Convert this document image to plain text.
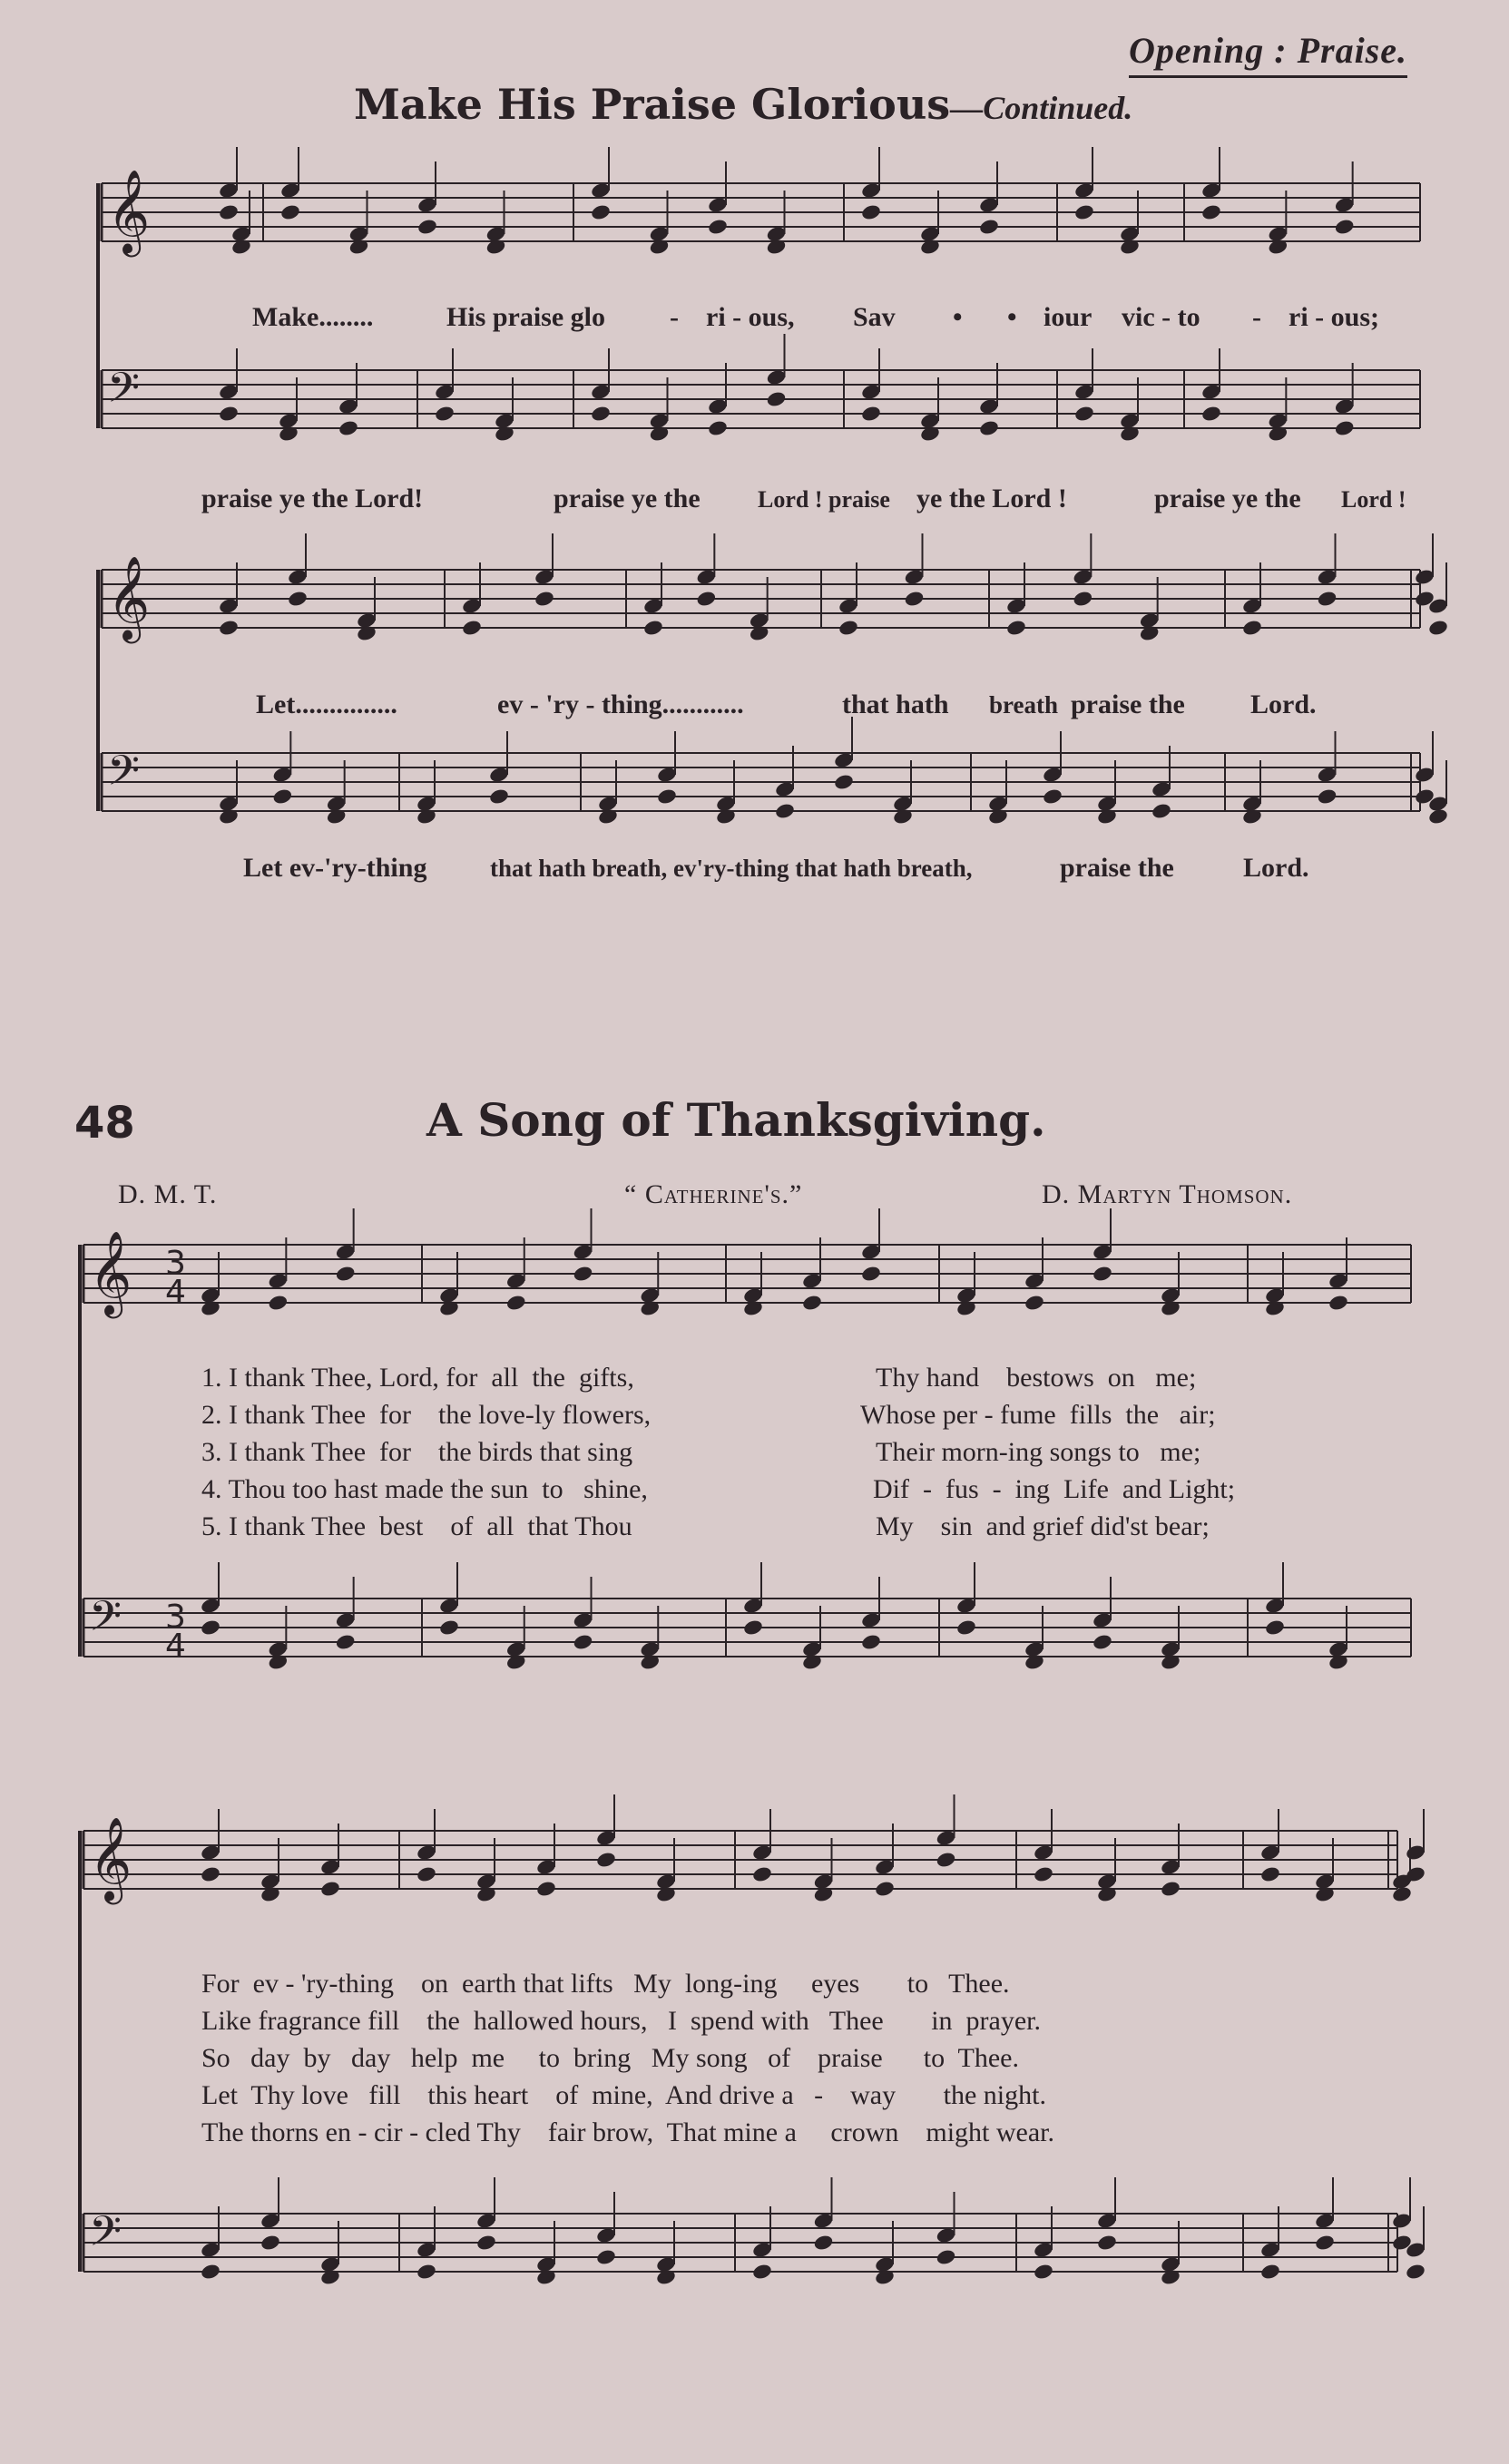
Opening : Praise.
Make His Praise Glorious—Continued.
𝄞
𝄢
𝄞
𝄢
𝄞 3
4
𝄢 3
4
𝄞
𝄢
Make........	His praise glo - ri - ous, Sav • • iour vic - to - ri - ous;
praise ye the Lord!	praise ye the Lord ! praise ye the Lord !	praise ye the Lord !
Let...............	ev - 'ry - thing............	that hath breath praise the Lord.
Let ev-'ry-thing	that hath breath, ev'ry-thing that hath breath,	praise the	Lord.
48	A Song of Thanksgiving.
D. M. T.	“ Catherine's.”	D. Martyn Thomson.
1. I thank Thee, Lord, for  all  the  gifts,	Thy hand    bestows  on   me;
2. I thank Thee  for    the love-ly flowers,	Whose per - fume  fills  the   air;
3. I thank Thee  for    the birds that sing	Their morn-ing songs to   me;
4. Thou too hast made the sun  to   shine,	Dif  -  fus  -  ing  Life  and Light;
5. I thank Thee  best    of  all  that Thou	My    sin  and grief did'st bear;
For  ev - 'ry-thing    on  earth that lifts   My  long-ing     eyes       to   Thee.
Like fragrance fill    the  hallowed hours,   I  spend with   Thee       in  prayer.
So   day  by   day   help  me     to  bring   My song   of    praise      to  Thee.
Let  Thy love   fill    this heart    of  mine,  And drive a   -    way       the night.
The thorns en - cir - cled Thy    fair brow,  That mine a     crown    might wear.
